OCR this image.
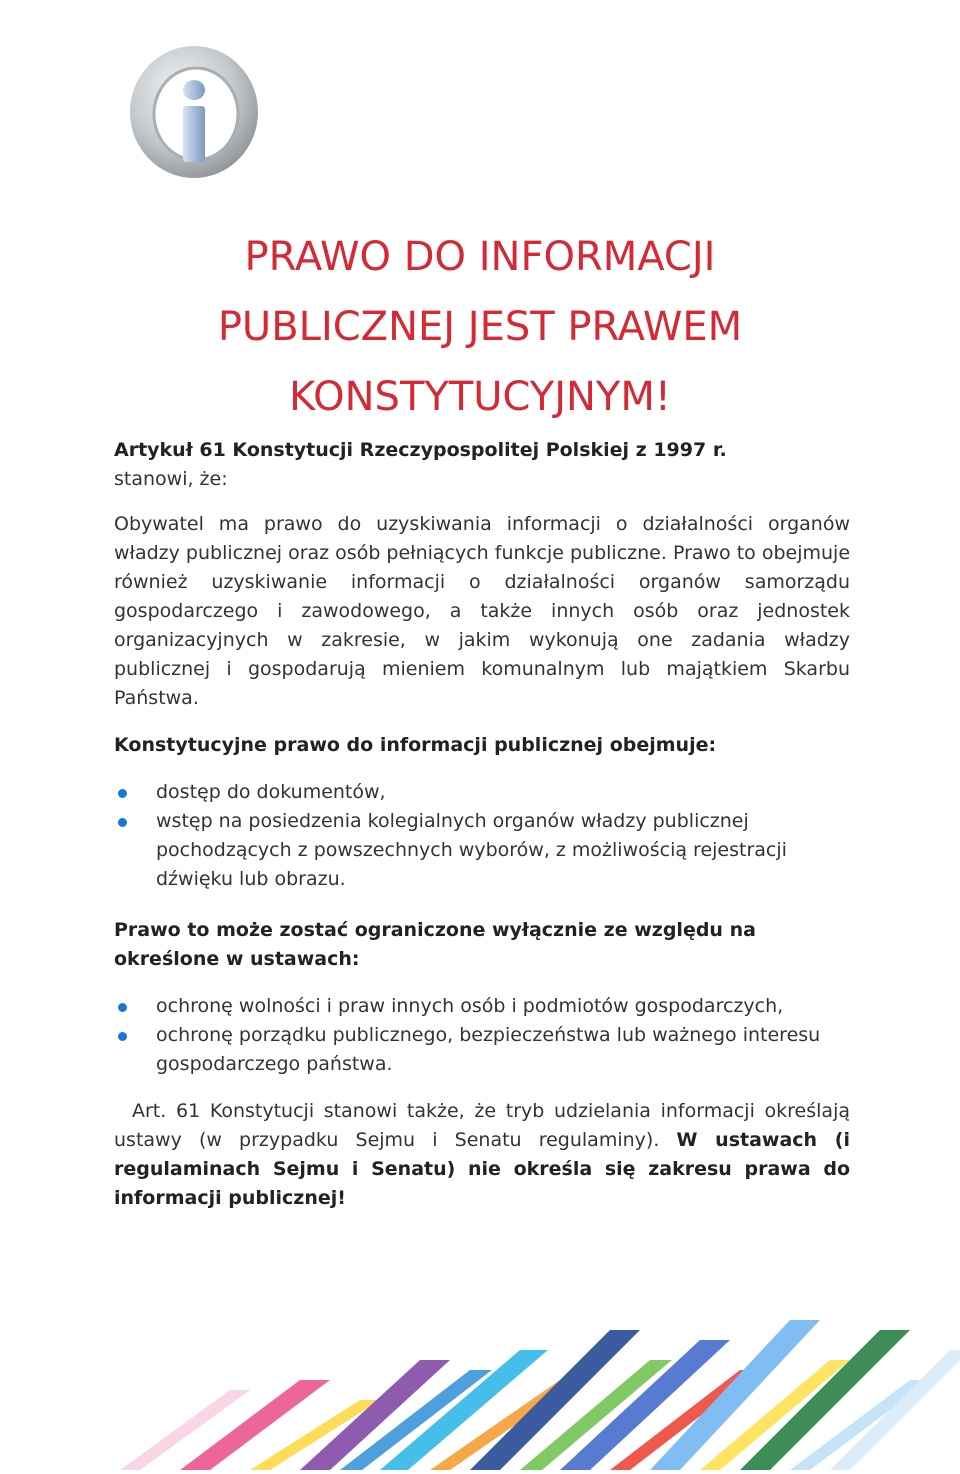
PRAWO DO INFORMACJI
PUBLICZNEJ JEST PRAWEM
KONSTYTUCYJNYM!

Artykuł 61 Konstytucji Rzeczypospolitej Polskiej z 1997 r.

stanowi, że:

Obywatel ma prawo do uzyskiwania informacji o działalności organów władzy publicznej oraz osób pełniących funkcje publiczne. Prawo to obejmuje również uzyskiwanie informacji o działalności organów samorządu gospodarczego i zawodowego, a także innych osób oraz jednostek organizacyjnych w zakresie, w jakim wykonują one zadania władzy publicznej i gospodarują mieniem komunalnym lub majątkiem Skarbu Państwa.

Konstytucyjne prawo do informacji publicznej obejmuje:

dostęp do dokumentów,
wstęp na posiedzenia kolegialnych organów władzy publicznej pochodzących z powszechnych wyborów, z możliwością rejestracji dźwięku lub obrazu.

Prawo to może zostać ograniczone wyłącznie ze względu na określone w ustawach:

ochronę wolności i praw innych osób i podmiotów gospodarczych,
ochronę porządku publicznego, bezpieczeństwa lub ważnego interesu gospodarczego państwa.

Art. 61 Konstytucji stanowi także, że tryb udzielania informacji określają ustawy (w przypadku Sejmu i Senatu regulaminy). W ustawach (i regulaminach Sejmu i Senatu) nie określa się zakresu prawa do informacji publicznej!
